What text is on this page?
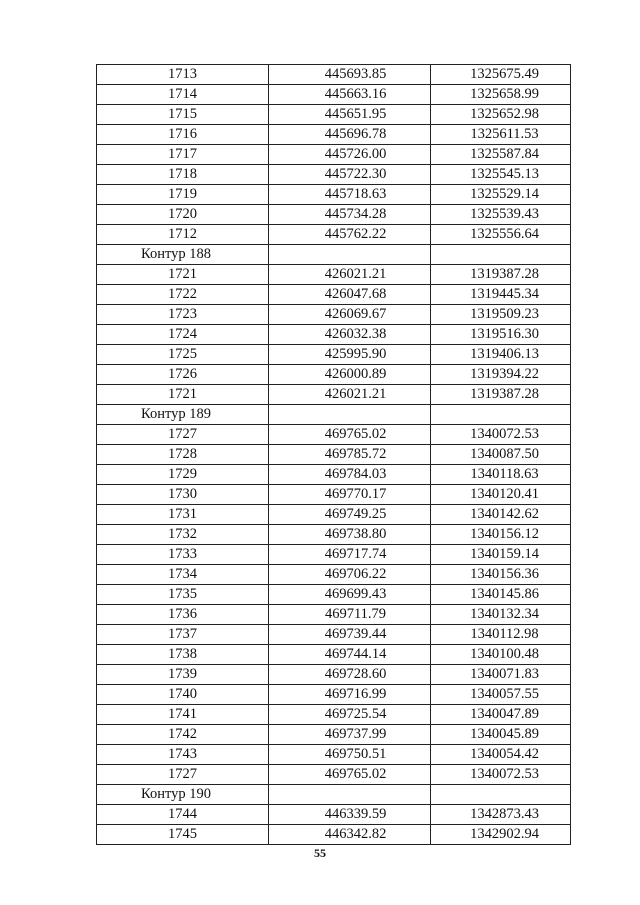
1713	445693.85	1325675.49
1714	445663.16	1325658.99
1715	445651.95	1325652.98
1716	445696.78	1325611.53
1717	445726.00	1325587.84
1718	445722.30	1325545.13
1719	445718.63	1325529.14
1720	445734.28	1325539.43
1712	445762.22	1325556.64
Контур 188		
1721	426021.21	1319387.28
1722	426047.68	1319445.34
1723	426069.67	1319509.23
1724	426032.38	1319516.30
1725	425995.90	1319406.13
1726	426000.89	1319394.22
1721	426021.21	1319387.28
Контур 189		
1727	469765.02	1340072.53
1728	469785.72	1340087.50
1729	469784.03	1340118.63
1730	469770.17	1340120.41
1731	469749.25	1340142.62
1732	469738.80	1340156.12
1733	469717.74	1340159.14
1734	469706.22	1340156.36
1735	469699.43	1340145.86
1736	469711.79	1340132.34
1737	469739.44	1340112.98
1738	469744.14	1340100.48
1739	469728.60	1340071.83
1740	469716.99	1340057.55
1741	469725.54	1340047.89
1742	469737.99	1340045.89
1743	469750.51	1340054.42
1727	469765.02	1340072.53
Контур 190		
1744	446339.59	1342873.43
1745	446342.82	1342902.94
55
